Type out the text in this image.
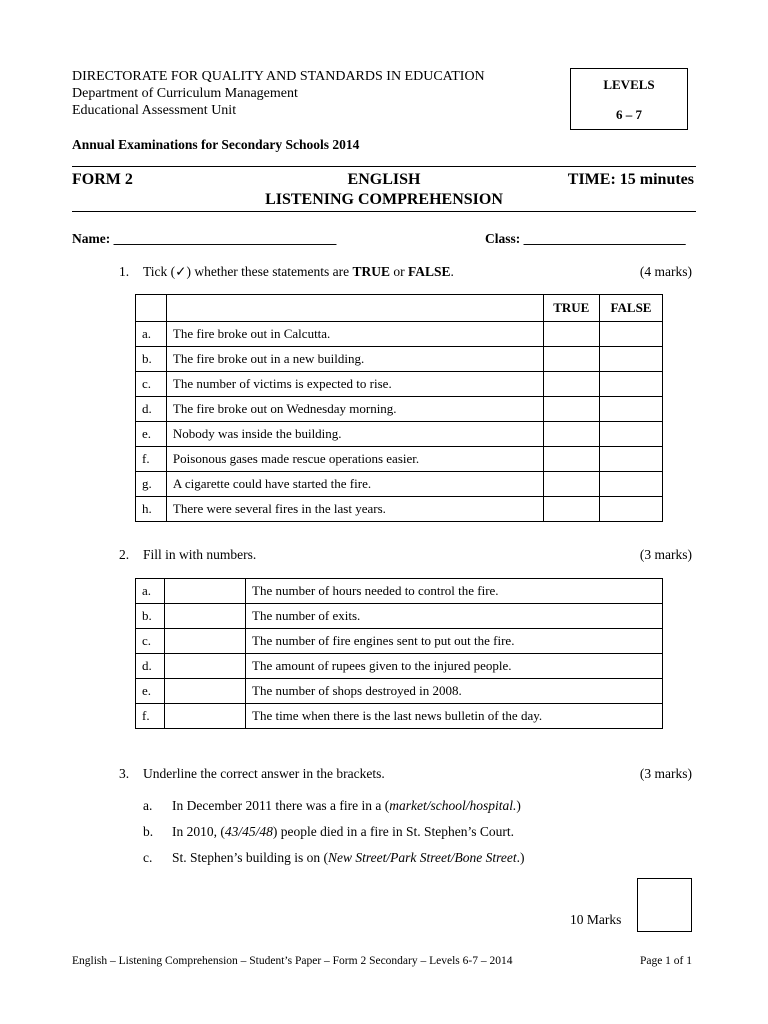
DIRECTORATE FOR QUALITY AND STANDARDS IN EDUCATION
Department of Curriculum Management
Educational Assessment Unit
LEVELS
6 – 7
Annual Examinations for Secondary Schools 2014
FORM 2	ENGLISH	TIME: 15 minutes
LISTENING COMPREHENSION
Name: _________________________________	Class: ________________________
1. Tick (✓) whether these statements are TRUE or FALSE.	(4 marks)
		TRUE	FALSE
a.	The fire broke out in Calcutta.		
b.	The fire broke out in a new building.		
c.	The number of victims is expected to rise.		
d.	The fire broke out on Wednesday morning.		
e.	Nobody was inside the building.		
f.	Poisonous gases made rescue operations easier.		
g.	A cigarette could have started the fire.		
h.	There were several fires in the last years.		
2. Fill in with numbers.	(3 marks)
a.		The number of hours needed to control the fire.
b.		The number of exits.
c.		The number of fire engines sent to put out the fire.
d.		The amount of rupees given to the injured people.
e.		The number of shops destroyed in 2008.
f.		The time when there is the last news bulletin of the day.
3. Underline the correct answer in the brackets.	(3 marks)
a. In December 2011 there was a fire in a (market/school/hospital.)
b. In 2010, (43/45/48) people died in a fire in St. Stephen’s Court.
c. St. Stephen’s building is on (New Street/Park Street/Bone Street.)
10 Marks
English – Listening Comprehension – Student’s Paper – Form 2 Secondary – Levels 6-7 – 2014	Page 1 of 1
